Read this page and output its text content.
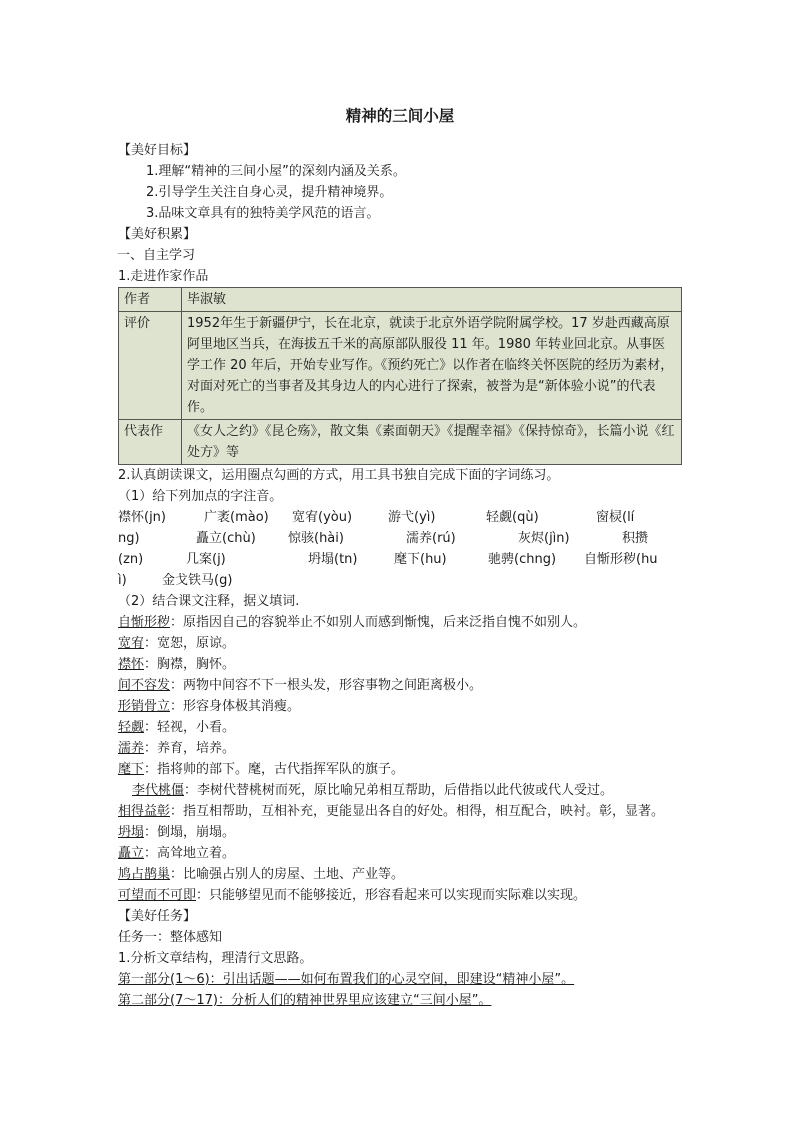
精神的三间小屋
【美好目标】
1.理解“精神的三间小屋”的深刻内涵及关系。
2.引导学生关注自身心灵，提升精神境界。
3.品味文章具有的独特美学风范的语言。
【美好积累】
一、自主学习
1.走进作家作品
作者	毕淑敏
评价	1952年生于新疆伊宁，长在北京，就读于北京外语学院附属学校。17 岁赴西藏高原阿里地区当兵，在海拔五千米的高原部队服役 11 年。1980 年转业回北京。从事医学工作 20 年后，开始专业写作。《预约死亡》以作者在临终关怀医院的经历为素材，对面对死亡的当事者及其身边人的内心进行了探索，被誉为是“新体验小说”的代表作。
代表作	《女人之约》《昆仑殇》，散文集《素面朝天》《提醒幸福》《保持惊奇》，长篇小说《红处方》等
2.认真朗读课文，运用圈点勾画的方式，用工具书独自完成下面的字词练习。
（1）给下列加点的字注音。
襟怀(jn)	广袤(mào) 宽宥(yòu)	游弋(yì)	轻觑(qù)	窗棂(lí
ng)	矗立(chù) 惊骇(hài)	濡养(rú)	灰烬(jìn)	积攒
(zn)	几案(j)	坍塌(tn)	麾下(hu)	驰骋(chng) 自惭形秽(hu
ì)	金戈铁马(g)
（2）结合课文注释，据义填词.
自惭形秽：原指因自己的容貌举止不如别人而感到惭愧，后来泛指自愧不如别人。
宽宥：宽恕，原谅。
襟怀：胸襟，胸怀。
间不容发：两物中间容不下一根头发，形容事物之间距离极小。
形销骨立：形容身体极其消瘦。
轻觑：轻视，小看。
濡养：养育，培养。
麾下：指将帅的部下。麾，古代指挥军队的旗子。
李代桃僵：李树代替桃树而死，原比喻兄弟相互帮助，后借指以此代彼或代人受过。
相得益彰：指互相帮助，互相补充，更能显出各自的好处。相得，相互配合，映衬。彰，显著。
坍塌：倒塌，崩塌。
矗立：高耸地立着。
鸠占鹊巢：比喻强占别人的房屋、土地、产业等。
可望而不可即：只能够望见而不能够接近，形容看起来可以实现而实际难以实现。
【美好任务】
任务一：整体感知
1.分析文章结构，理清行文思路。
第一部分(1～6)：引出话题——如何布置我们的心灵空间，即建设“精神小屋”。
第二部分(7～17)：分析人们的精神世界里应该建立“三间小屋”。
